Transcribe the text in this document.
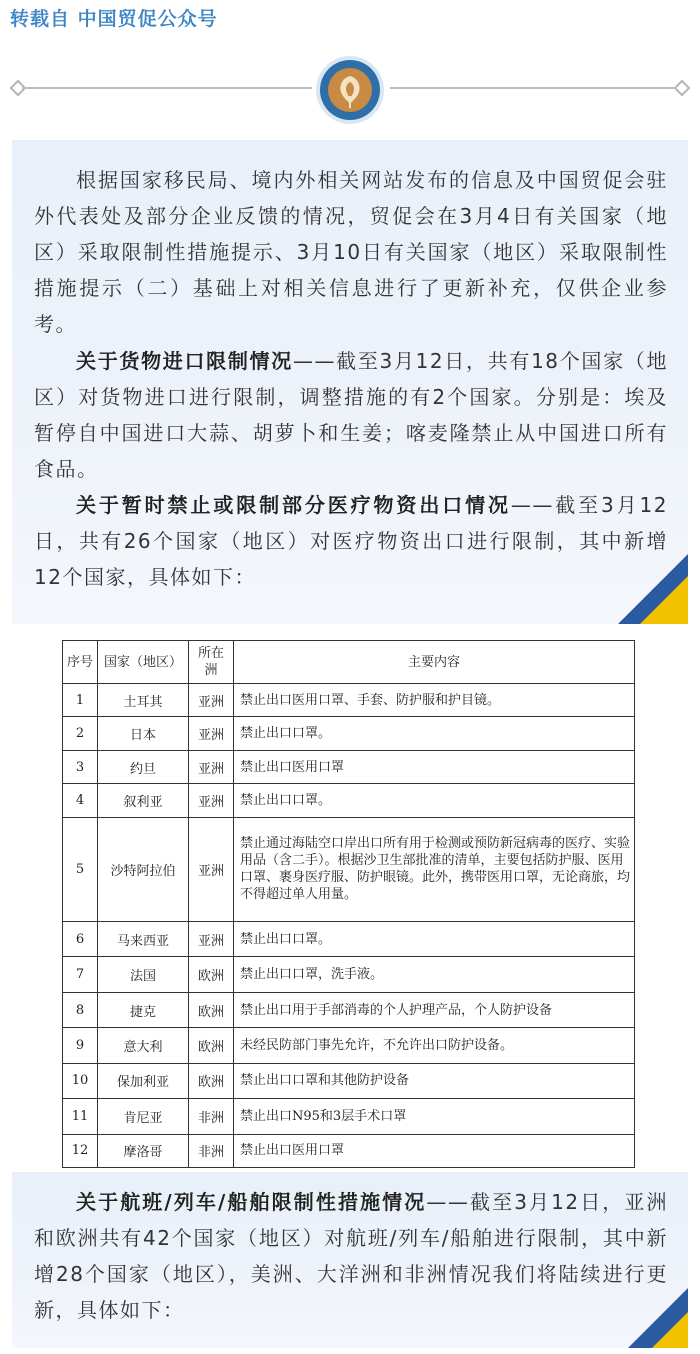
转载自 中国贸促公众号

根据国家移民局、境内外相关网站发布的信息及中国贸促会驻外代表处及部分企业反馈的情况，贸促会在3月4日有关国家（地区）采取限制性措施提示、3月10日有关国家（地区）采取限制性措施提示（二）基础上对相关信息进行了更新补充，仅供企业参考。

关于货物进口限制情况——截至3月12日，共有18个国家（地区）对货物进口进行限制，调整措施的有2个国家。分别是：埃及暂停自中国进口大蒜、胡萝卜和生姜；喀麦隆禁止从中国进口所有食品。

关于暂时禁止或限制部分医疗物资出口情况——截至3月12日，共有26个国家（地区）对医疗物资出口进行限制，其中新增12个国家，具体如下：

序号	国家（地区）	所在洲	主要内容
1	土耳其	亚洲	禁止出口医用口罩、手套、防护服和护目镜。
2	日本	亚洲	禁止出口口罩。
3	约旦	亚洲	禁止出口医用口罩
4	叙利亚	亚洲	禁止出口口罩。
5	沙特阿拉伯	亚洲	禁止通过海陆空口岸出口所有用于检测或预防新冠病毒的医疗、实验用品（含二手）。根据沙卫生部批准的清单，主要包括防护服、医用口罩、裹身医疗服、防护眼镜。此外，携带医用口罩，无论商旅，均不得超过单人用量。
6	马来西亚	亚洲	禁止出口口罩。
7	法国	欧洲	禁止出口口罩，洗手液。
8	捷克	欧洲	禁止出口用于手部消毒的个人护理产品，个人防护设备
9	意大利	欧洲	未经民防部门事先允许，不允许出口防护设备。
10	保加利亚	欧洲	禁止出口口罩和其他防护设备
11	肯尼亚	非洲	禁止出口N95和3层手术口罩
12	摩洛哥	非洲	禁止出口医用口罩

关于航班/列车/船舶限制性措施情况——截至3月12日，亚洲和欧洲共有42个国家（地区）对航班/列车/船舶进行限制，其中新增28个国家（地区），美洲、大洋洲和非洲情况我们将陆续进行更新，具体如下：
